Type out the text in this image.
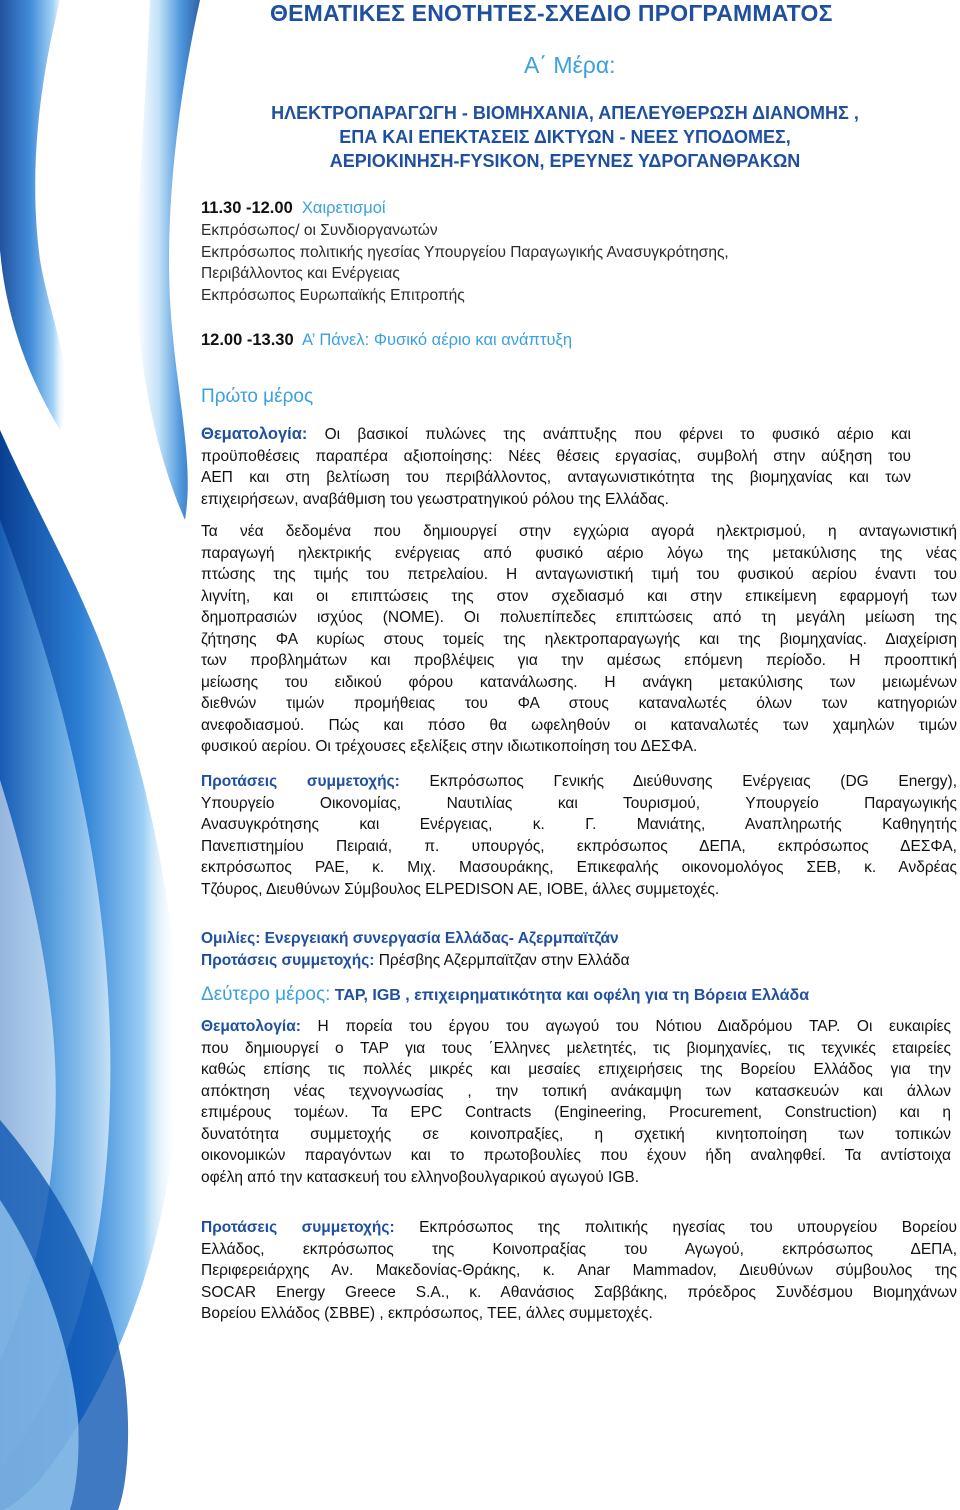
ΘΕΜΑΤΙΚΕΣ ΕΝΟΤΗΤΕΣ-ΣΧΕΔΙΟ ΠΡΟΓΡΑΜΜΑΤΟΣ
Α΄ Μέρα:
ΗΛΕΚΤΡΟΠΑΡΑΓΩΓΗ - ΒΙΟΜΗΧΑΝΙΑ, ΑΠΕΛΕΥΘΕΡΩΣΗ ΔΙΑΝΟΜΗΣ ,
ΕΠΑ ΚΑΙ ΕΠΕΚΤΑΣΕΙΣ ΔΙΚΤΥΩΝ - ΝΕΕΣ ΥΠΟΔΟΜΕΣ,
ΑΕΡΙΟΚΙΝΗΣΗ-FYSIKON, ΕΡΕΥΝΕΣ ΥΔΡΟΓΑΝΘΡΑΚΩΝ
11.30 -12.00 Χαιρετισμοί
Εκπρόσωπος/ οι Συνδιοργανωτών
Εκπρόσωπος πολιτικής ηγεσίας Υπουργείου Παραγωγικής Ανασυγκρότησης,
Περιβάλλοντος και Ενέργειας
Εκπρόσωπος Ευρωπαϊκής Επιτροπής
12.00 -13.30 Α’ Πάνελ: Φυσικό αέριο και ανάπτυξη
Πρώτο μέρος
Θεματολογία: Οι βασικοί πυλώνες της ανάπτυξης που φέρνει το φυσικό αέριο και
προϋποθέσεις παραπέρα αξιοποίησης: Νέες θέσεις εργασίας, συμβολή στην αύξηση του
ΑΕΠ και στη βελτίωση του περιβάλλοντος, ανταγωνιστικότητα της βιομηχανίας και των
επιχειρήσεων, αναβάθμιση του γεωστρατηγικού ρόλου της Ελλάδας.
Τα νέα δεδομένα που δημιουργεί στην εγχώρια αγορά ηλεκτρισμού, η ανταγωνιστική
παραγωγή ηλεκτρικής ενέργειας από φυσικό αέριο λόγω της μετακύλισης της νέας
πτώσης της τιμής του πετρελαίου. Η ανταγωνιστική τιμή του φυσικού αερίου έναντι του
λιγνίτη, και οι επιπτώσεις της στον σχεδιασμό και στην επικείμενη εφαρμογή των
δημοπρασιών ισχύος (ΝΟΜΕ). Οι πολυεπίπεδες επιπτώσεις από τη μεγάλη μείωση της
ζήτησης ΦΑ κυρίως στους τομείς της ηλεκτροπαραγωγής και της βιομηχανίας. Διαχείριση
των προβλημάτων και προβλέψεις για την αμέσως επόμενη περίοδο. Η προοπτική
μείωσης του ειδικού φόρου κατανάλωσης. Η ανάγκη μετακύλισης των μειωμένων
διεθνών τιμών προμήθειας του ΦΑ στους καταναλωτές όλων των κατηγοριών
ανεφοδιασμού. Πώς και πόσο θα ωφεληθούν οι καταναλωτές των χαμηλών τιμών
φυσικού αερίου. Οι τρέχουσες εξελίξεις στην ιδιωτικοποίηση του ΔΕΣΦΑ.
Προτάσεις συμμετοχής: Εκπρόσωπος Γενικής Διεύθυνσης Ενέργειας (DG Energy),
Υπουργείο Οικονομίας, Ναυτιλίας και Τουρισμού, Υπουργείο Παραγωγικής
Ανασυγκρότησης και Ενέργειας, κ. Γ. Μανιάτης, Αναπληρωτής Καθηγητής
Πανεπιστημίου Πειραιά, π. υπουργός, εκπρόσωπος ΔΕΠΑ, εκπρόσωπος ΔΕΣΦΑ,
εκπρόσωπος ΡΑΕ, κ. Μιχ. Μασουράκης, Επικεφαλής οικονομολόγος ΣΕΒ, κ. Ανδρέας
Τζόυρος, Διευθύνων Σύμβουλος ELPEDISON AE, IOBE, άλλες συμμετοχές.
Ομιλίες: Ενεργειακή συνεργασία Ελλάδας- Αζερμπαϊτζάν
Προτάσεις συμμετοχής: Πρέσβης Αζερμπαϊτζαν στην Ελλάδα
Δεύτερο μέρος: TAP, IGB , επιχειρηματικότητα και οφέλη για τη Βόρεια Ελλάδα
Θεματολογία: Η πορεία του έργου του αγωγού του Νότιου Διαδρόμου TAP. Οι ευκαιρίες
που δημιουργεί ο TAP για τους ΄Ελληνες μελετητές, τις βιομηχανίες, τις τεχνικές εταιρείες
καθώς επίσης τις πολλές μικρές και μεσαίες επιχειρήσεις της Βορείου Ελλάδος για την
απόκτηση νέας τεχνογνωσίας , την τοπική ανάκαμψη των κατασκευών και άλλων
επιμέρους τομέων. Τα EPC Contracts (Engineering, Procurement, Construction) και η
δυνατότητα συμμετοχής σε κοινοπραξίες, η σχετική κινητοποίηση των τοπικών
οικονομικών παραγόντων και το πρωτοβουλίες που έχουν ήδη αναληφθεί. Τα αντίστοιχα
οφέλη από την κατασκευή του ελληνοβουλγαρικού αγωγού IGB.
Προτάσεις συμμετοχής: Εκπρόσωπος της πολιτικής ηγεσίας του υπουργείου Βορείου
Ελλάδος, εκπρόσωπος της Κοινοπραξίας του Αγωγού, εκπρόσωπος ΔΕΠΑ,
Περιφερειάρχης Αν. Μακεδονίας-Θράκης, κ. Anar Mammadov, Διευθύνων σύμβουλος της
SOCAR Energy Greece S.A., κ. Αθανάσιος Σαββάκης, πρόεδρος Συνδέσμου Βιομηχάνων
Βορείου Ελλάδος (ΣΒΒΕ) , εκπρόσωπος, ΤΕΕ, άλλες συμμετοχές.
